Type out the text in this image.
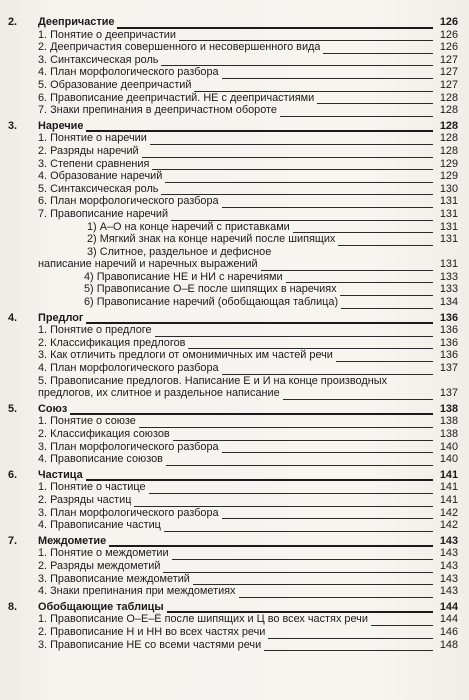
2.	Деепричастие	126
1. Понятие о деепричастии	126
2. Деепричастия совершенного и несовершенного вида	126
3. Синтаксическая роль	127
4. План морфологического разбора	127
5. Образование деепричастий	127
6. Правописание деепричастий. НЕ с деепричастиями	128
7. Знаки препинания в деепричастном обороте	128
3.	Наречие	128
1. Понятие о наречии	128
2. Разряды наречий	128
3. Степени сравнения	129
4. Образование наречий	129
5. Синтаксическая роль	130
6. План морфологического разбора	131
7. Правописание наречий	131
1) А–О на конце наречий с приставками	131
2) Мягкий знак на конце наречий после шипящих	131
3) Слитное, раздельное и дефисное
написание наречий и наречных выражений	131
4) Правописание НЕ и НИ с наречиями	133
5) Правописание О–Е после шипящих в наречиях	133
6) Правописание наречий (обобщающая таблица)	134
4.	Предлог	136
1. Понятие о предлоге	136
2. Классификация предлогов	136
3. Как отличить предлоги от омонимичных им частей речи	136
4. План морфологического разбора	137
5. Правописание предлогов. Написание Е и И на конце производных
предлогов, их слитное и раздельное написание	137
5.	Союз	138
1. Понятие о союзе	138
2. Классификация союзов	138
3. План морфологического разбора	140
4. Правописание союзов	140
6.	Частица	141
1. Понятие о частице	141
2. Разряды частиц	141
3. План морфологического разбора	142
4. Правописание частиц	142
7.	Междометие	143
1. Понятие о междометии	143
2. Разряды междометий	143
3. Правописание междометий	143
4. Знаки препинания при междометиях	143
8.	Обобщающие таблицы	144
1. Правописание О–Е–Ё после шипящих и Ц во всех частях речи	144
2. Правописание Н и НН во всех частях речи	146
3. Правописание НЕ со всеми частями речи	148
